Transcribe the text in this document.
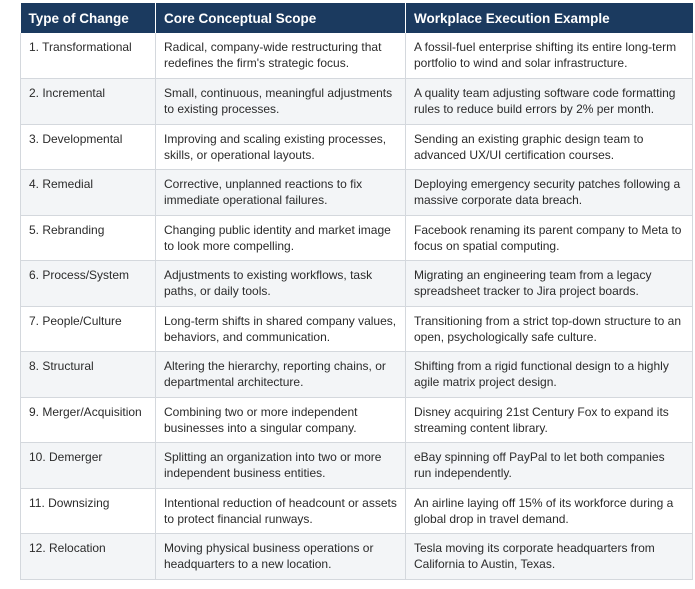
Type of Change	Core Conceptual Scope	Workplace Execution Example
1. Transformational	Radical, company-wide restructuring that redefines the firm's strategic focus.	A fossil-fuel enterprise shifting its entire long-term portfolio to wind and solar infrastructure.
2. Incremental	Small, continuous, meaningful adjustments to existing processes.	A quality team adjusting software code formatting rules to reduce build errors by 2% per month.
3. Developmental	Improving and scaling existing processes, skills, or operational layouts.	Sending an existing graphic design team to advanced UX/UI certification courses.
4. Remedial	Corrective, unplanned reactions to fix immediate operational failures.	Deploying emergency security patches following a massive corporate data breach.
5. Rebranding	Changing public identity and market image to look more compelling.	Facebook renaming its parent company to Meta to focus on spatial computing.
6. Process/System	Adjustments to existing workflows, task paths, or daily tools.	Migrating an engineering team from a legacy spreadsheet tracker to Jira project boards.
7. People/Culture	Long-term shifts in shared company values, behaviors, and communication.	Transitioning from a strict top-down structure to an open, psychologically safe culture.
8. Structural	Altering the hierarchy, reporting chains, or departmental architecture.	Shifting from a rigid functional design to a highly agile matrix project design.
9. Merger/Acquisition	Combining two or more independent businesses into a singular company.	Disney acquiring 21st Century Fox to expand its streaming content library.
10. Demerger	Splitting an organization into two or more independent business entities.	eBay spinning off PayPal to let both companies run independently.
11. Downsizing	Intentional reduction of headcount or assets to protect financial runways.	An airline laying off 15% of its workforce during a global drop in travel demand.
12. Relocation	Moving physical business operations or headquarters to a new location.	Tesla moving its corporate headquarters from California to Austin, Texas.
